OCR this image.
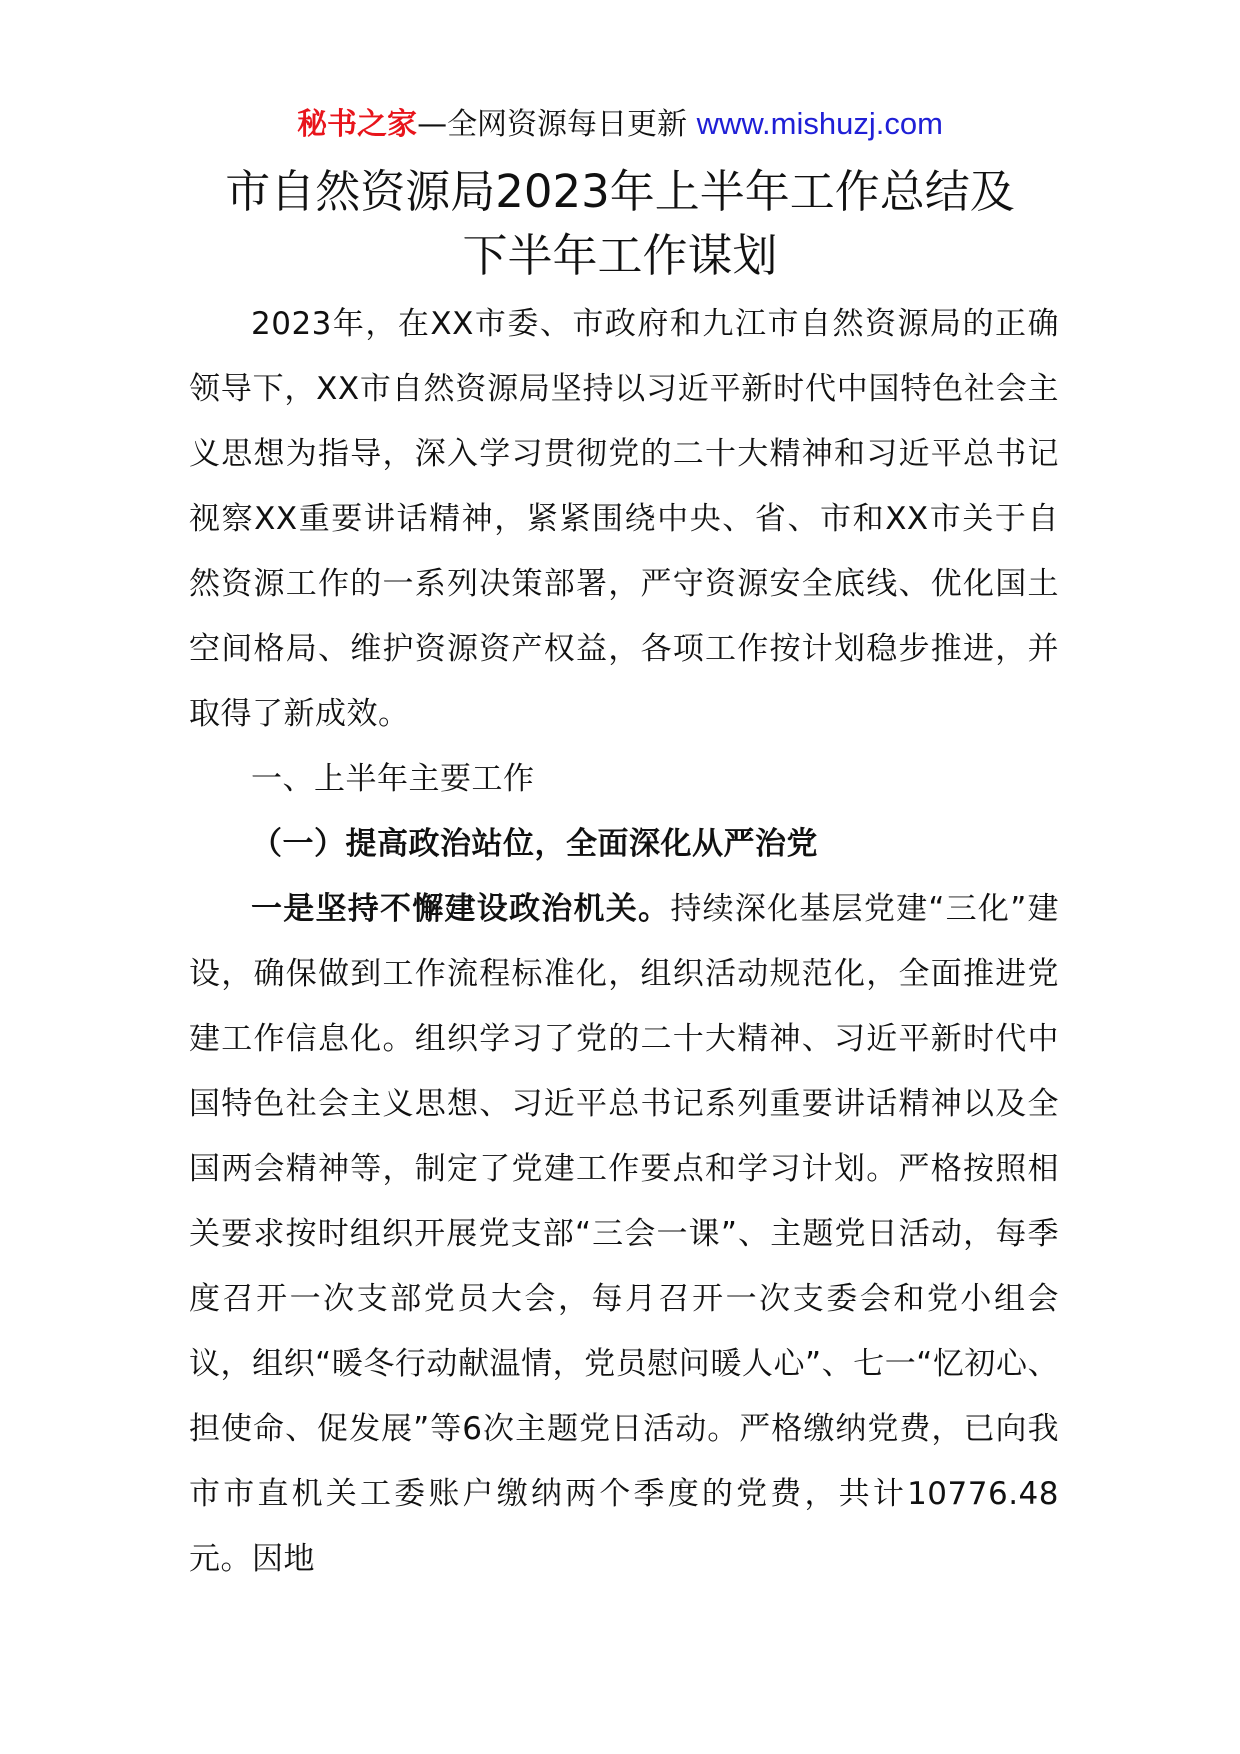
秘书之家—全网资源每日更新 www.mishuzj.com
市自然资源局2023年上半年工作总结及
下半年工作谋划

2023年，在XX市委、市政府和九江市自然资源局的正确领导下，XX市自然资源局坚持以习近平新时代中国特色社会主义思想为指导，深入学习贯彻党的二十大精神和习近平总书记视察XX重要讲话精神，紧紧围绕中央、省、市和XX市关于自然资源工作的一系列决策部署，严守资源安全底线、优化国土空间格局、维护资源资产权益，各项工作按计划稳步推进，并取得了新成效。

一、上半年主要工作

（一）提高政治站位，全面深化从严治党

一是坚持不懈建设政治机关。持续深化基层党建“三化”建设，确保做到工作流程标准化，组织活动规范化，全面推进党建工作信息化。组织学习了党的二十大精神、习近平新时代中国特色社会主义思想、习近平总书记系列重要讲话精神以及全国两会精神等，制定了党建工作要点和学习计划。严格按照相关要求按时组织开展党支部“三会一课”、主题党日活动，每季度召开一次支部党员大会，每月召开一次支委会和党小组会议，组织“暖冬行动献温情，党员慰问暖人心”、七一“忆初心、担使命、促发展”等6次主题党日活动。严格缴纳党费，已向我市市直机关工委账户缴纳两个季度的党费，共计10776.48元。因地
